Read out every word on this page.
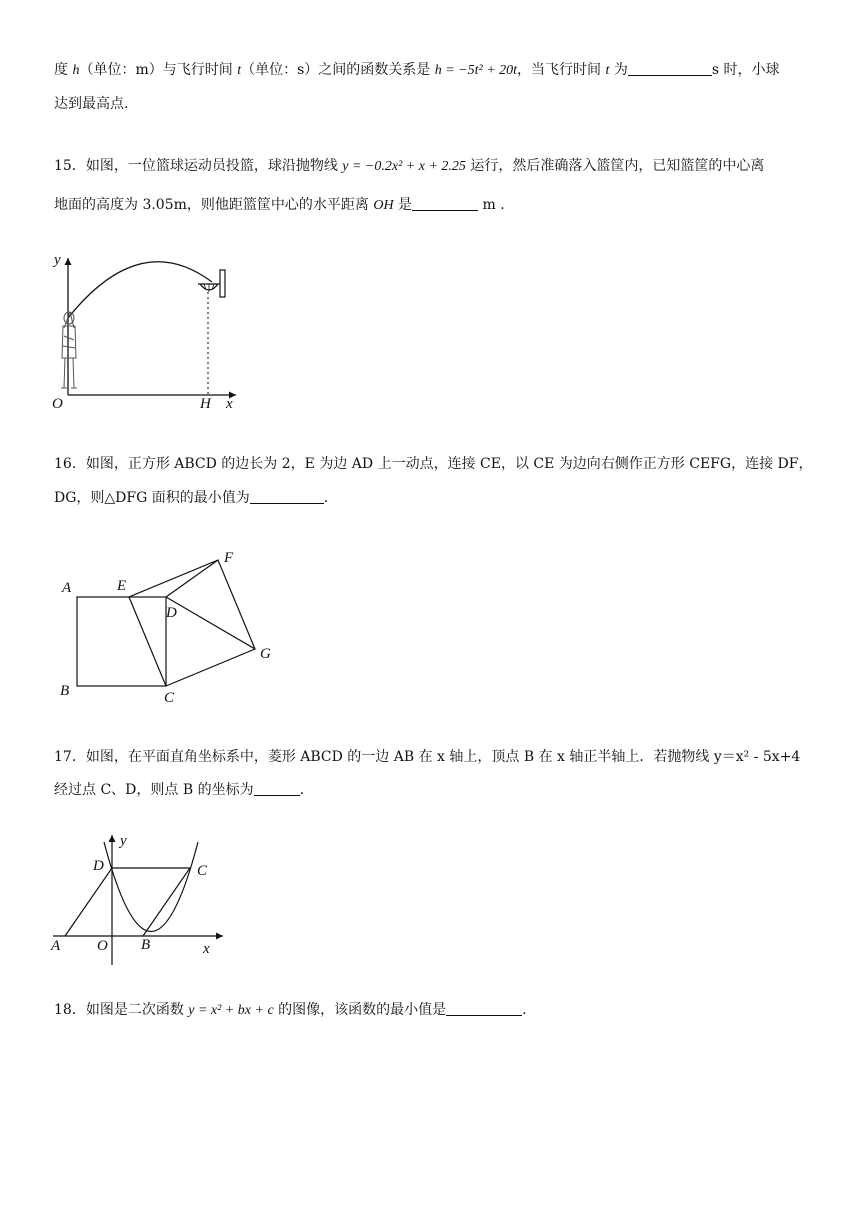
度 h（单位：m）与飞行时间 t（单位：s）之间的函数关系是 h = −5t² + 20t，当飞行时间 t 为	s 时，小球
达到最高点.
15．如图，一位篮球运动员投篮，球沿抛物线 y = −0.2x² + x + 2.25 运行，然后准确落入篮筐内，已知篮筐的中心离
地面的高度为 3.05m，则他距篮筐中心的水平距离 OH 是	m .
y
O	H x
16．如图，正方形 ABCD 的边长为 2，E 为边 AD 上一动点，连接 CE，以 CE 为边向右侧作正方形 CEFG，连接 DF，
DG，则△DFG 面积的最小值为	.
A
B	C
D
E
F
G
17．如图，在平面直角坐标系中，菱形 ABCD 的一边 AB 在 x 轴上，顶点 B 在 x 轴正半轴上．若抛物线 y＝x² - 5x+4
经过点 C、D，则点 B 的坐标为	.
y
D	C
A O B	x
18．如图是二次函数 y = x² + bx + c 的图像，该函数的最小值是	.
